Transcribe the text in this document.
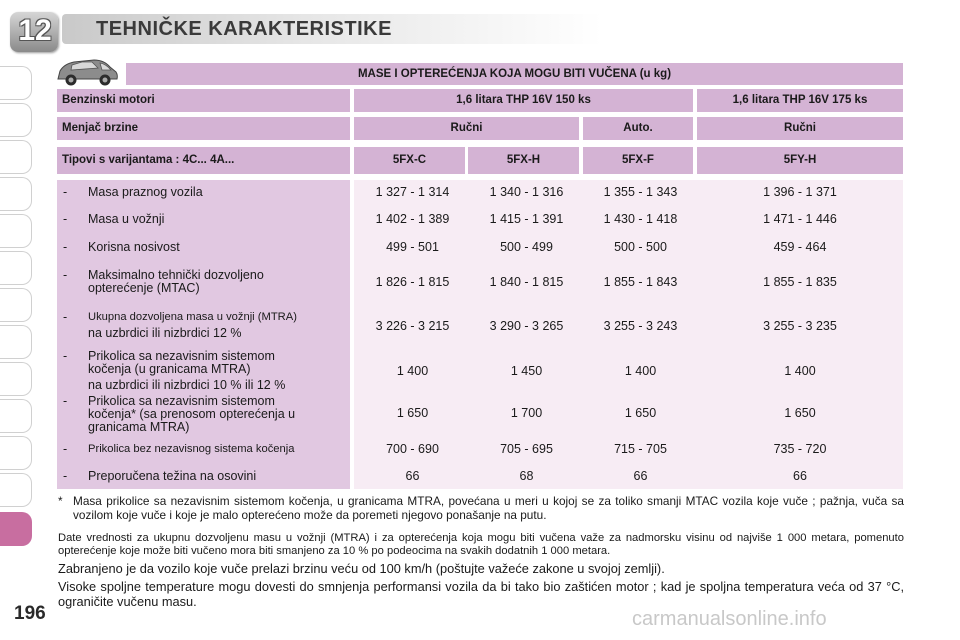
12 TEHNIČKE KARAKTERISTIKE
MASE I OPTEREĆENJA KOJA MOGU BITI VUČENA (u kg)
Benzinski motori	1,6 litara THP 16V 150 ks	1,6 litara THP 16V 175 ks
Menjač brzine	Ručni	Auto.	Ručni
Tipovi s varijantama : 4C... 4A...	5FX-C	5FX-H	5FX-F	5FY-H
- Masa praznog vozila	1 327 - 1 314	1 340 - 1 316	1 355 - 1 343	1 396 - 1 371
- Masa u vožnji	1 402 - 1 389	1 415 - 1 391	1 430 - 1 418	1 471 - 1 446
- Korisna nosivost	499 - 501	500 - 499	500 - 500	459 - 464
- Maksimalno tehnički dozvoljeno
opterećenje (MTAC)	1 826 - 1 815	1 840 - 1 815	1 855 - 1 843	1 855 - 1 835
- Ukupna dozvoljena masa u vožnji (MTRA)
na uzbrdici ili nizbrdici 12 %	3 226 - 3 215	3 290 - 3 265	3 255 - 3 243	3 255 - 3 235
- Prikolica sa nezavisnim sistemom
kočenja (u granicama MTRA)
na uzbrdici ili nizbrdici 10 % ili 12 %
1 400	1 450	1 400	1 400
- Prikolica sa nezavisnim sistemom
kočenja* (sa prenosom opterećenja u
granicama MTRA)
1 650	1 700	1 650	1 650
- Prikolica bez nezavisnog sistema kočenja	700 - 690	705 - 695	715 - 705	735 - 720
- Preporučena težina na osovini	66	68	66	66
* Masa prikolice sa nezavisnim sistemom kočenja, u granicama MTRA, povećana u meri u kojoj se za toliko smanji MTAC vozila koje vuče ; pažnja, vuča sa vozilom koje vuče i koje je malo opterećeno može da poremeti njegovo ponašanje na putu.
Date vrednosti za ukupnu dozvoljenu masu u vožnji (MTRA) i za opterećenja koja mogu biti vučena važe za nadmorsku visinu od najviše 1 000 metara, pomenuto opterećenje koje može biti vučeno mora biti smanjeno za 10 % po podeocima na svakih dodatnih 1 000 metara.
Zabranjeno je da vozilo koje vuče prelazi brzinu veću od 100 km/h (poštujte važeće zakone u svojoj zemlji).
Visoke spoljne temperature mogu dovesti do smnjenja performansi vozila da bi tako bio zaštićen motor ; kad je spoljna temperatura veća od 37 °C, ograničite vučenu masu.
196	carmanualsonline.info
